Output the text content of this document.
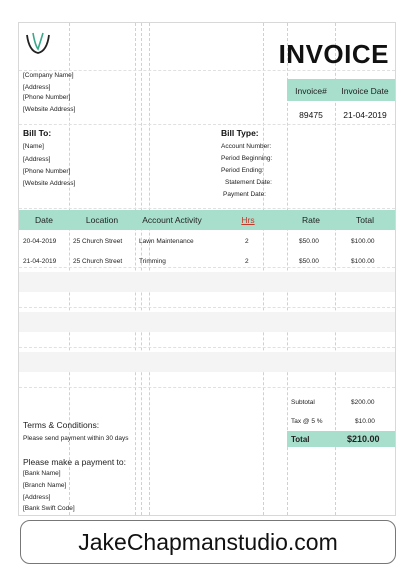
INVOICE
[Company Name]
[Address]
[Phone Number]
[Website Address]
Invoice#	Invoice Date
89475	21-04-2019
Bill To:
[Name]
[Address]
[Phone Number]
[Website Address]
Bill Type:
Account Number:
Period Beginning:
Period Ending:
Statement Date:
Payment Date:
Date	Location	Account Activity	Hrs	Rate	Total
20-04-2019	25 Church Street	Lawn Maintenance	2	$50.00	$100.00
21-04-2019	25 Church Street	Trimming	2	$50.00	$100.00
Subtotal	$200.00
Tax @ 5 %	$10.00
Total	$210.00
Terms & Conditions:
Please send payment within 30 days
Please make a payment to:
[Bank Name]
[Branch Name]
[Address]
[Bank Swift Code]
JakeChapmanstudio.com
